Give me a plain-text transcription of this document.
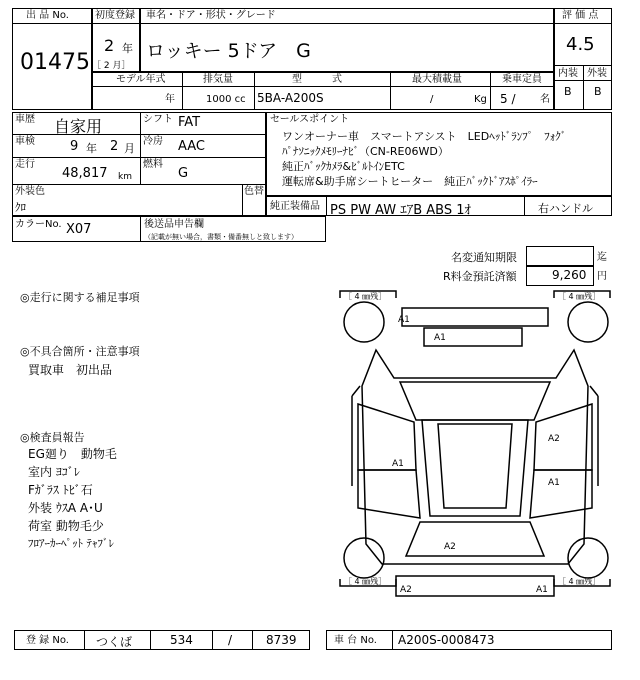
出 品 No.
01475
初度登録
2 年
［ 2 月］
車名・ドア・形状・グレード
ロッキー 5ドア　G
評 価 点
4.5
内装 外装
B B
モデル年式
年
排気量
1000 cc
型　　　式
5BA-A200S
最大積載量
/	Kg
乗車定員
5 / 名
車歴 自家用	シフト FAT
車検	9 年 2 月
冷房 AAC
走行
48,817 km
燃料
G
外装色
ｸﾛ
色替
カラーNo. X07	後送品申告欄
（記載が無い場合，書類・備番無しと致します）
セールスポイント
ワンオーナー車　スマートアシスト　LEDﾍｯﾄﾞﾗﾝﾌﾟ　ﾌｫｸﾞ
ﾊﾟﾅｿﾆｯｸﾒﾓﾘｰﾅﾋﾞ（CN-RE06WD）
純正ﾊﾞｯｸｶﾒﾗ&ﾋﾞﾙﾄｲﾝETC
運転席&助手席シートヒーター　純正ﾊﾞｯｸﾄﾞｱｽﾎﾟｲﾗｰ
純正装備品 PS PW AW ｴｱB ABS 1ｵ	右ハンドル
名変通知期限	迄
R料金預託済額	9,260 円
◎走行に関する補足事項
◎不具合箇所・注意事項
買取車　初出品
◎検査員報告
EG廻り　動物毛
室内 ﾖｺﾞﾚ
Fｶﾞﾗｽ ﾄﾋﾞ石
外装 ｳｽA A･U
荷室 動物毛少
ﾌﾛｱｰｶｰﾍﾟｯﾄ ﾃｬﾌﾞﾚ
［ 4 ㎜残］	［ 4 ㎜残］
［ 4 ㎜残］	［ 4 ㎜残］
A1
A1
A1
A2
A1
A2
A2	A1
登 録 No. つくば	534	/	8739	車 台 No. A200S-0008473
